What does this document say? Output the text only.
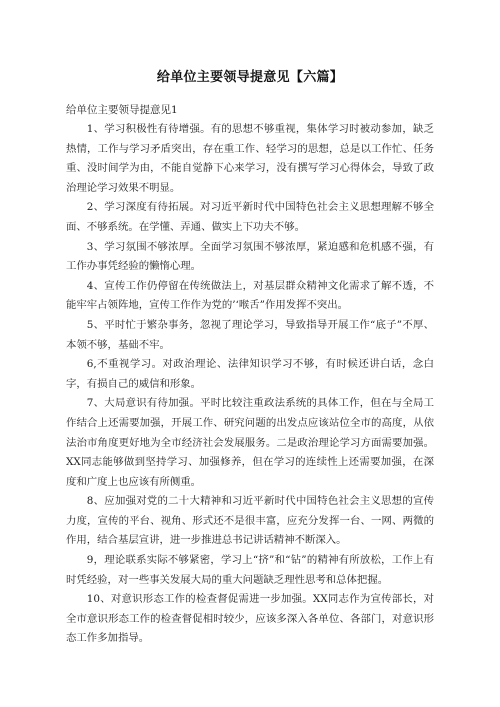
给单位主要领导提意见【六篇】
给单位主要领导提意见1

1、学习积极性有待增强。有的思想不够重视，集体学习时被动参加，缺乏热情，工作与学习矛盾突出，存在重工作、轻学习的思想，总是以工作忙、任务重、没时间学为由，不能自觉静下心来学习，没有撰写学习心得体会，导致了政治理论学习效果不明显。

2、学习深度有待拓展。对习近平新时代中国特色社会主义思想理解不够全面、不够系统。在学懂、弄通、做实上下功夫不够。

3、学习氛围不够浓厚。全面学习氛围不够浓厚，紧迫感和危机感不强，有工作办事凭经验的懒惰心理。

4、宣传工作仍停留在传统做法上，对基层群众精神文化需求了解不透，不能牢牢占领阵地，宣传工作作为党的’‘喉舌”作用发挥不突出。

5、平时忙于繁杂事务，忽视了理论学习，导致指导开展工作“底子”不厚、本领不够，基础不牢。

6,不重视学习。对政治理论、法律知识学习不够，有时候还讲白话，念白字，有损自己的威信和形象。

7、大局意识有待加强。平时比较注重政法系统的具体工作，但在与全局工作结合上还需要加强，开展工作、研究问题的出发点应该站位全市的高度，从依法治市角度更好地为全市经济社会发展服务。二是政治理论学习方面需要加强。XX同志能够做到坚持学习、加强修养，但在学习的连续性上还需要加强，在深度和广度上也应该有所侧重。

8、应加强对党的二十大精神和习近平新时代中国特色社会主义思想的宣传力度，宣传的平台、视角、形式还不是很丰富，应充分发挥一台、一网、两微的作用，结合基层宣讲，进一步推进总书记讲话精神不断深入。

9，理论联系实际不够紧密，学习上“挤”和“钻”的精神有所放松，工作上有时凭经验，对一些事关发展大局的重大问题缺乏理性思考和总体把握。

10、对意识形态工作的检查督促需进一步加强。XX同志作为宣传部长，对全市意识形态工作的检查督促相时较少，应该多深入各单位、各部门，对意识形态工作多加指导。
